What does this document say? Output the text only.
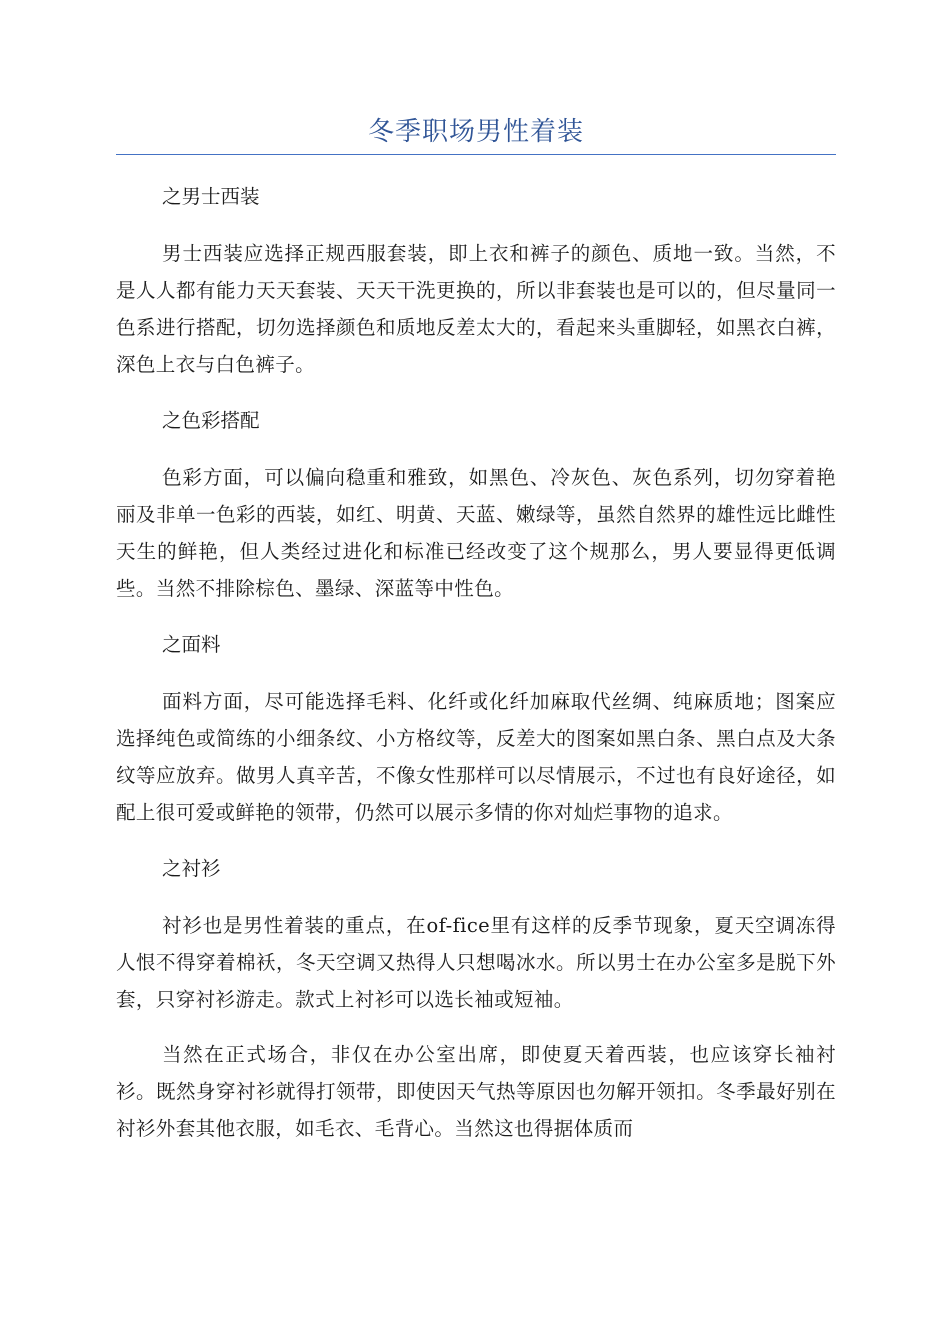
冬季职场男性着装
之男士西装

男士西装应选择正规西服套装，即上衣和裤子的颜色、质地一致。当然，不是人人都有能力天天套装、天天干洗更换的，所以非套装也是可以的，但尽量同一色系进行搭配，切勿选择颜色和质地反差太大的，看起来头重脚轻，如黑衣白裤，深色上衣与白色裤子。

之色彩搭配

色彩方面，可以偏向稳重和雅致，如黑色、冷灰色、灰色系列，切勿穿着艳丽及非单一色彩的西装，如红、明黄、天蓝、嫩绿等，虽然自然界的雄性远比雌性天生的鲜艳，但人类经过进化和标准已经改变了这个规那么，男人要显得更低调些。当然不排除棕色、墨绿、深蓝等中性色。

之面料

面料方面，尽可能选择毛料、化纤或化纤加麻取代丝绸、纯麻质地；图案应选择纯色或简练的小细条纹、小方格纹等，反差大的图案如黑白条、黑白点及大条纹等应放弃。做男人真辛苦，不像女性那样可以尽情展示，不过也有良好途径，如配上很可爱或鲜艳的领带，仍然可以展示多情的你对灿烂事物的追求。

之衬衫

衬衫也是男性着装的重点，在of-fice里有这样的反季节现象，夏天空调冻得人恨不得穿着棉袄，冬天空调又热得人只想喝冰水。所以男士在办公室多是脱下外套，只穿衬衫游走。款式上衬衫可以选长袖或短袖。

当然在正式场合，非仅在办公室出席，即使夏天着西装，也应该穿长袖衬衫。既然身穿衬衫就得打领带，即使因天气热等原因也勿解开领扣。冬季最好别在衬衫外套其他衣服，如毛衣、毛背心。当然这也得据体质而
